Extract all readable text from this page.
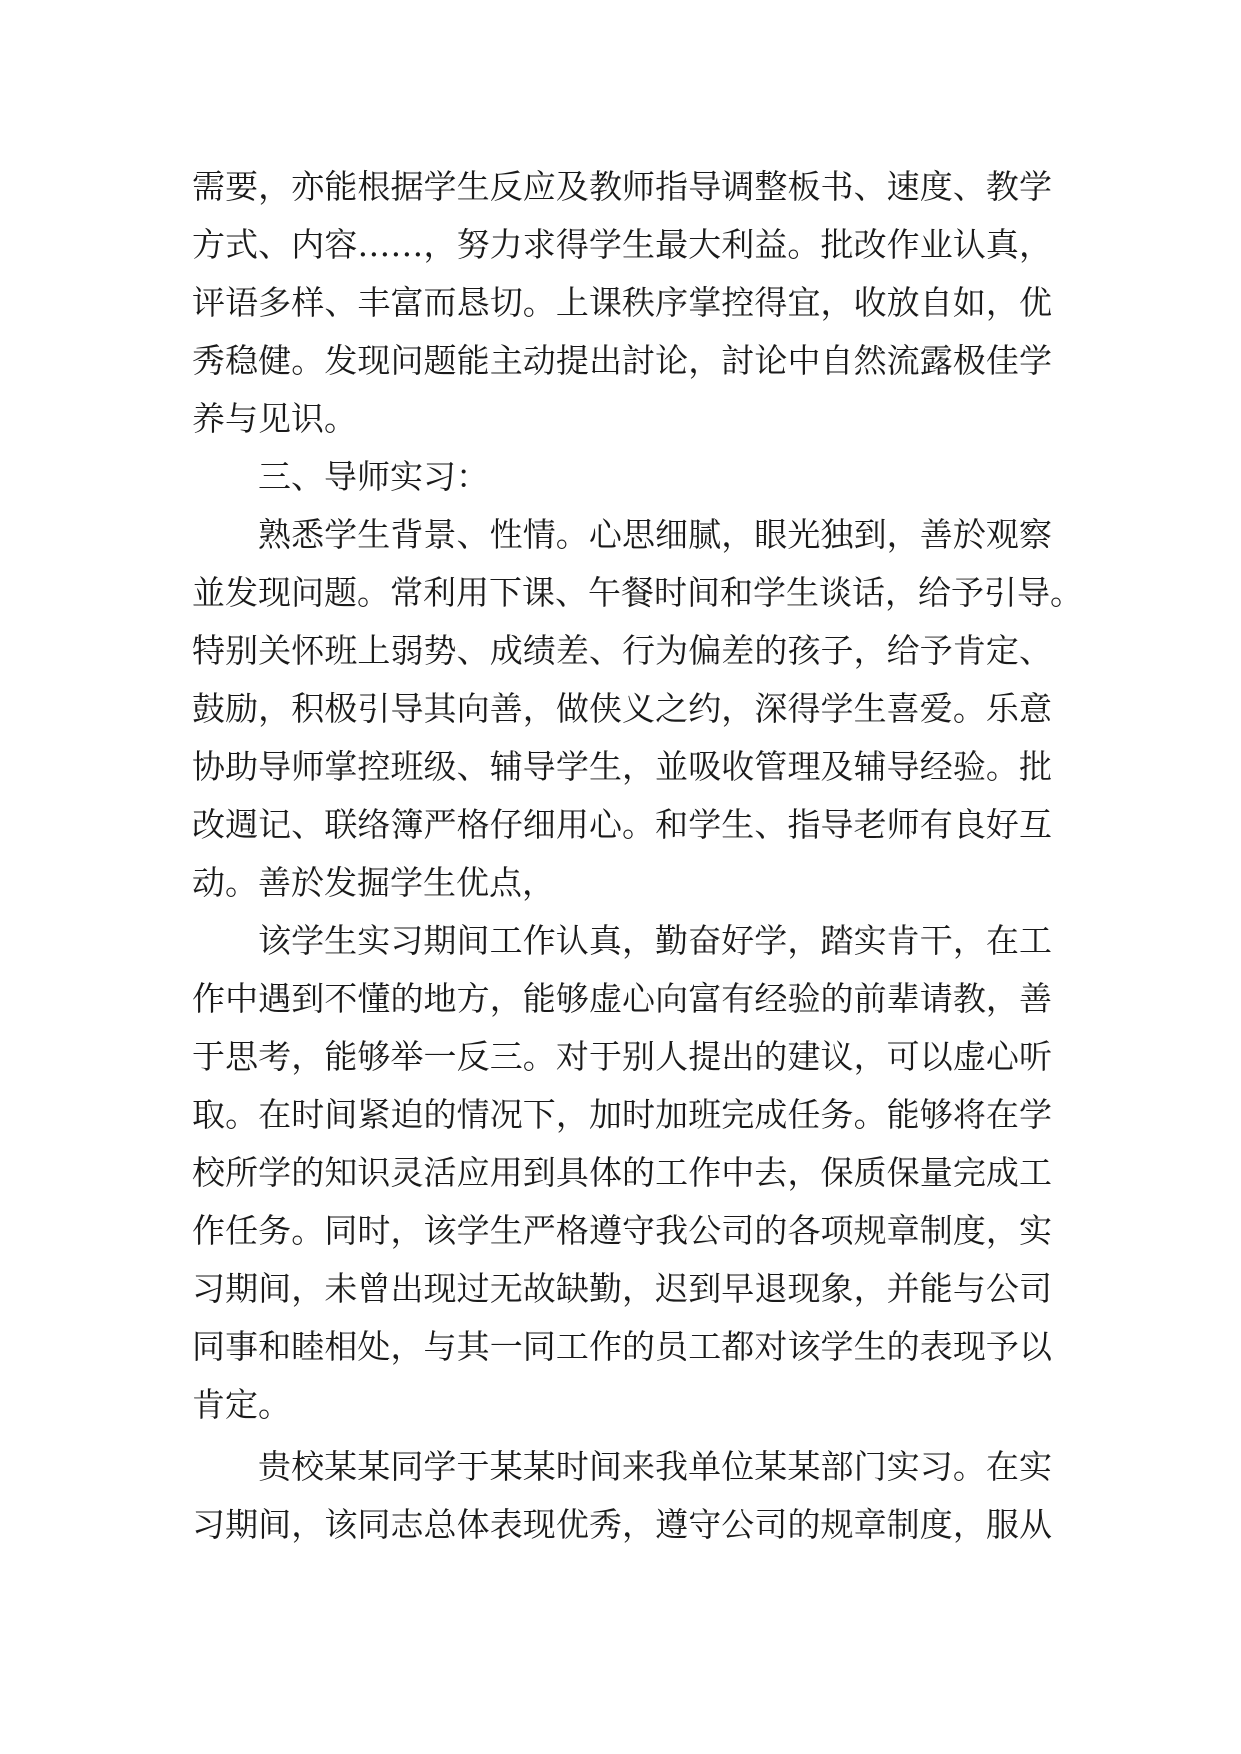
需要，亦能根据学生反应及教师指导调整板书、速度、教学
方式、内容……，努力求得学生最大利益。批改作业认真，
评语多样、丰富而恳切。上课秩序掌控得宜，收放自如，优
秀稳健。发现问题能主动提出討论，討论中自然流露极佳学
养与见识。
三、导师实习：
熟悉学生背景、性情。心思细腻，眼光独到，善於观察
並发现问题。常利用下课、午餐时间和学生谈话，给予引导。
特别关怀班上弱势、成绩差、行为偏差的孩子，给予肯定、
鼓励，积极引导其向善，做侠义之约，深得学生喜爱。乐意
协助导师掌控班级、辅导学生，並吸收管理及辅导经验。批
改週记、联络簿严格仔细用心。和学生、指导老师有良好互
动。善於发掘学生优点，
该学生实习期间工作认真，勤奋好学，踏实肯干，在工
作中遇到不懂的地方，能够虚心向富有经验的前辈请教，善
于思考，能够举一反三。对于别人提出的建议，可以虚心听
取。在时间紧迫的情况下，加时加班完成任务。能够将在学
校所学的知识灵活应用到具体的工作中去，保质保量完成工
作任务。同时，该学生严格遵守我公司的各项规章制度，实
习期间，未曾出现过无故缺勤，迟到早退现象，并能与公司
同事和睦相处，与其一同工作的员工都对该学生的表现予以
肯定。
贵校某某同学于某某时间来我单位某某部门实习。在实
习期间，该同志总体表现优秀，遵守公司的规章制度，服从
